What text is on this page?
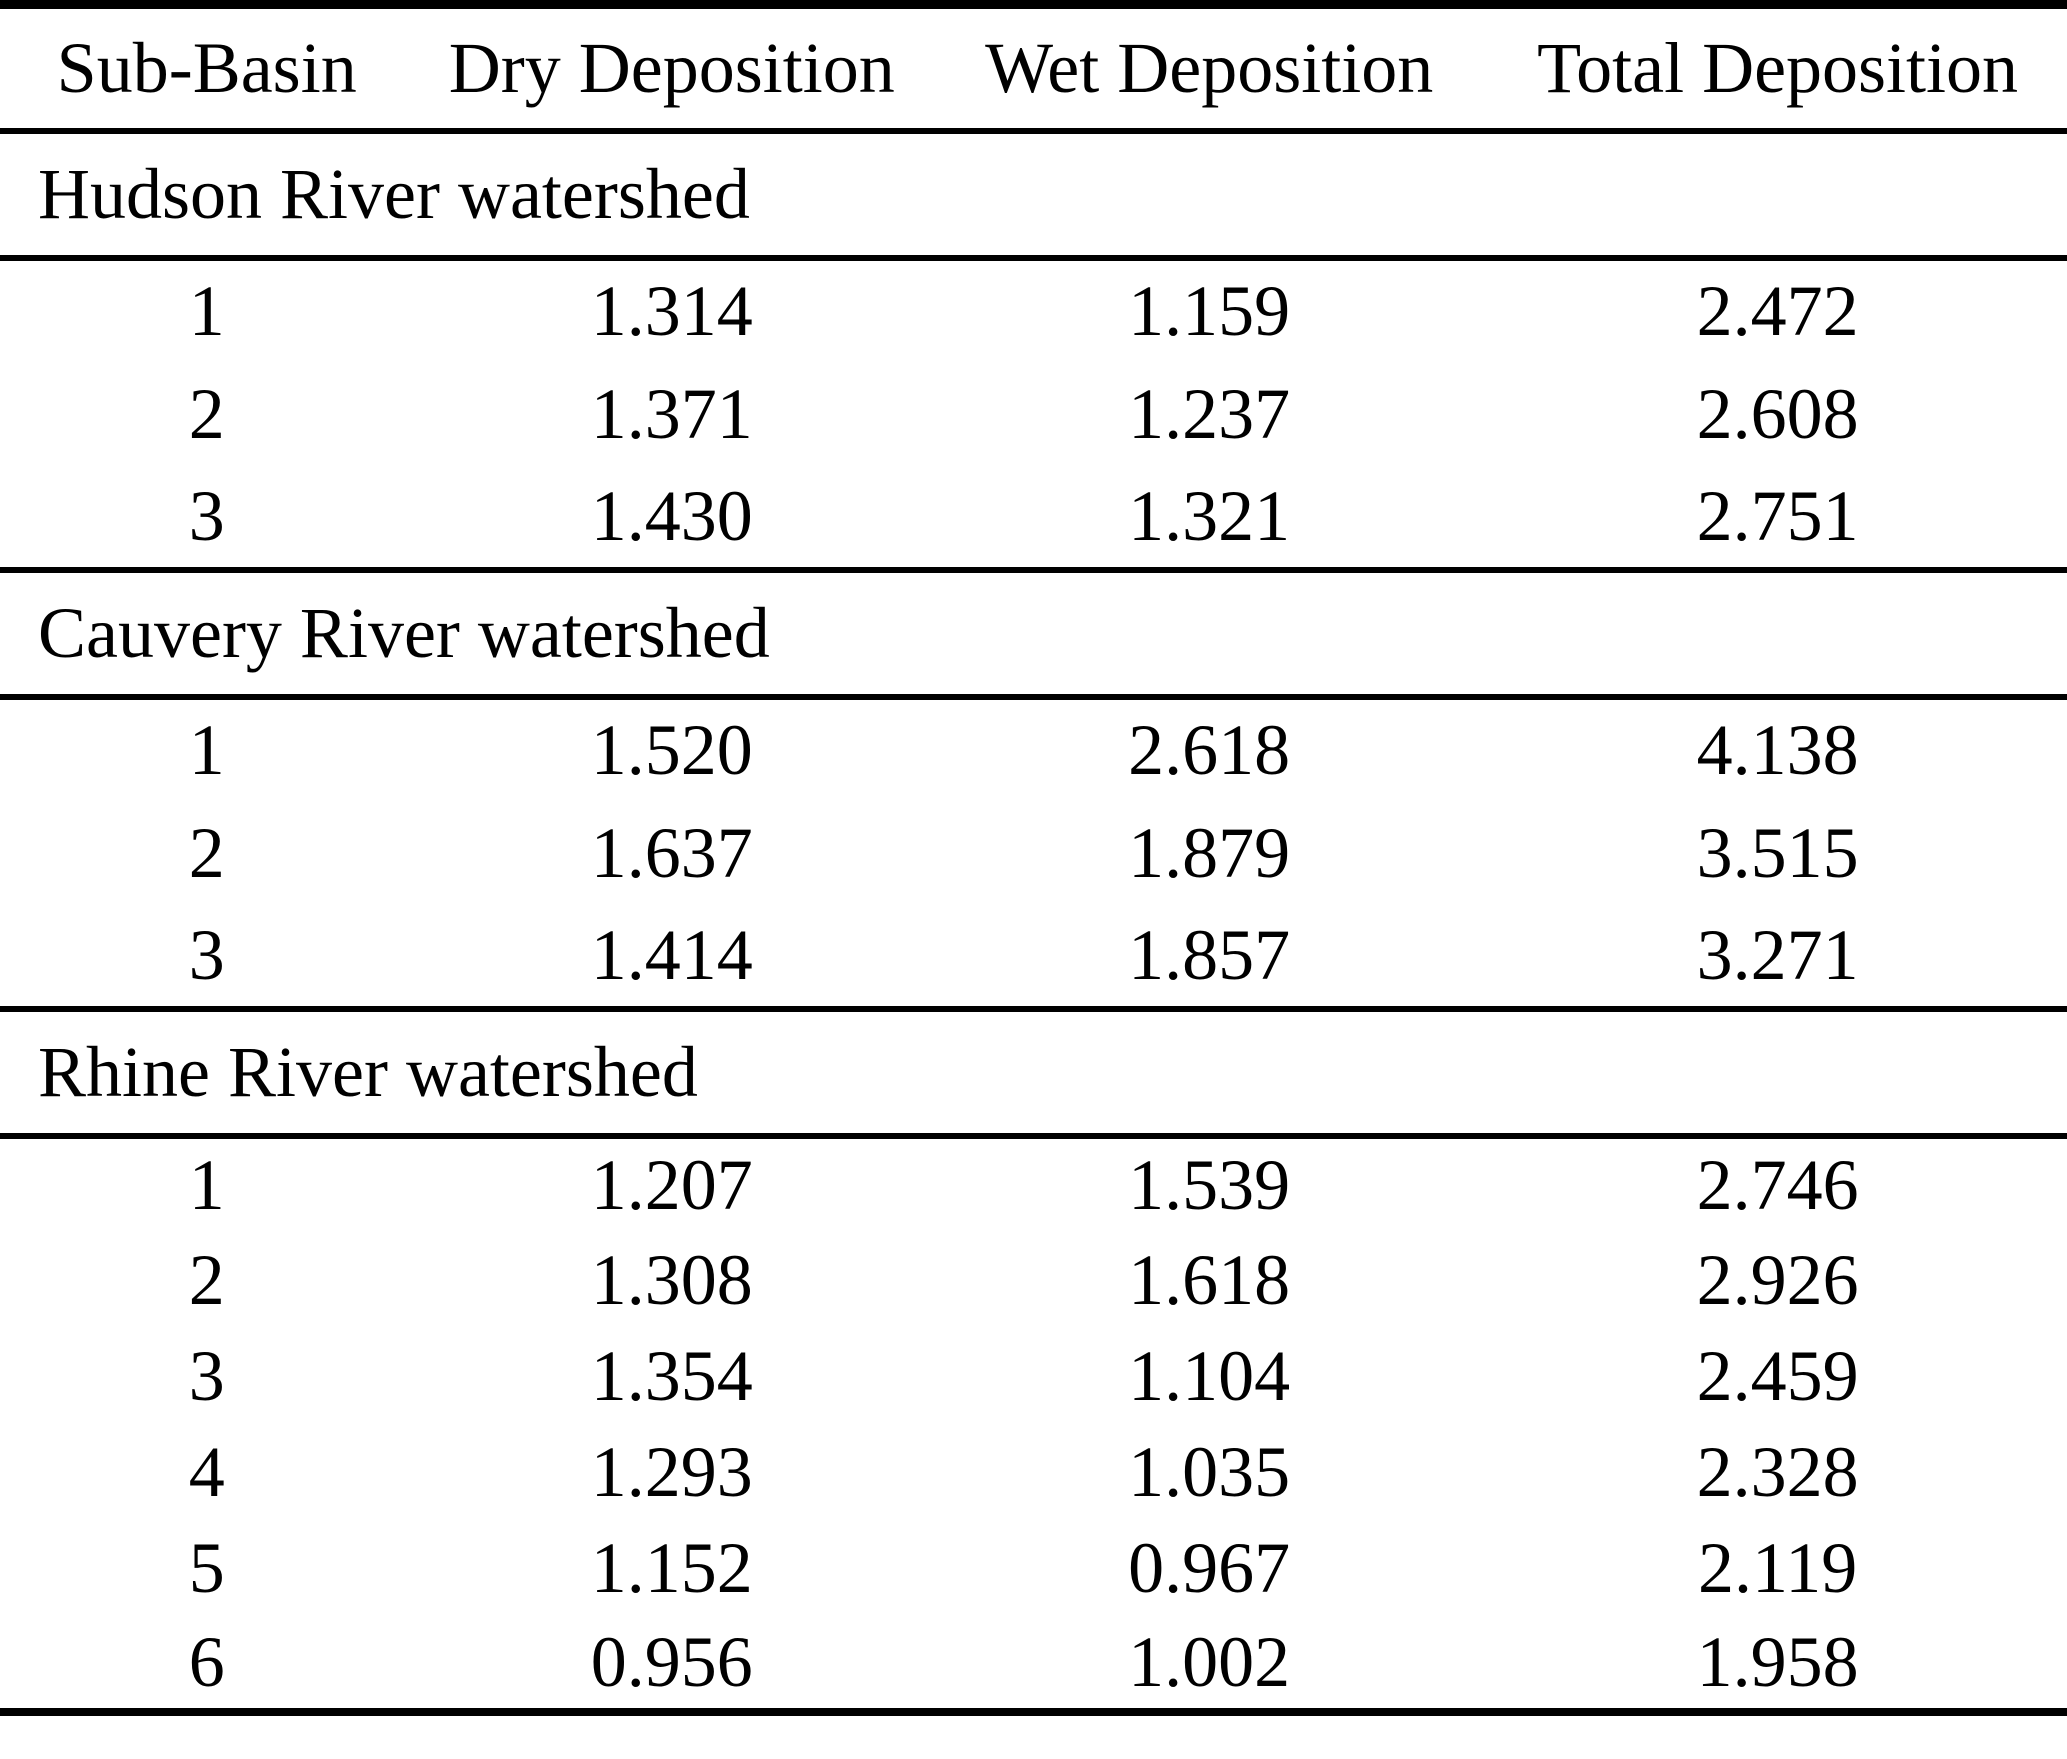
Sub-Basin	Dry Deposition	Wet Deposition	Total Deposition
Hudson River watershed			
1	1.314	1.159	2.472
2	1.371	1.237	2.608
3	1.430	1.321	2.751
Cauvery River watershed			
1	1.520	2.618	4.138
2	1.637	1.879	3.515
3	1.414	1.857	3.271
Rhine River watershed			
1	1.207	1.539	2.746
2	1.308	1.618	2.926
3	1.354	1.104	2.459
4	1.293	1.035	2.328
5	1.152	0.967	2.119
6	0.956	1.002	1.958
